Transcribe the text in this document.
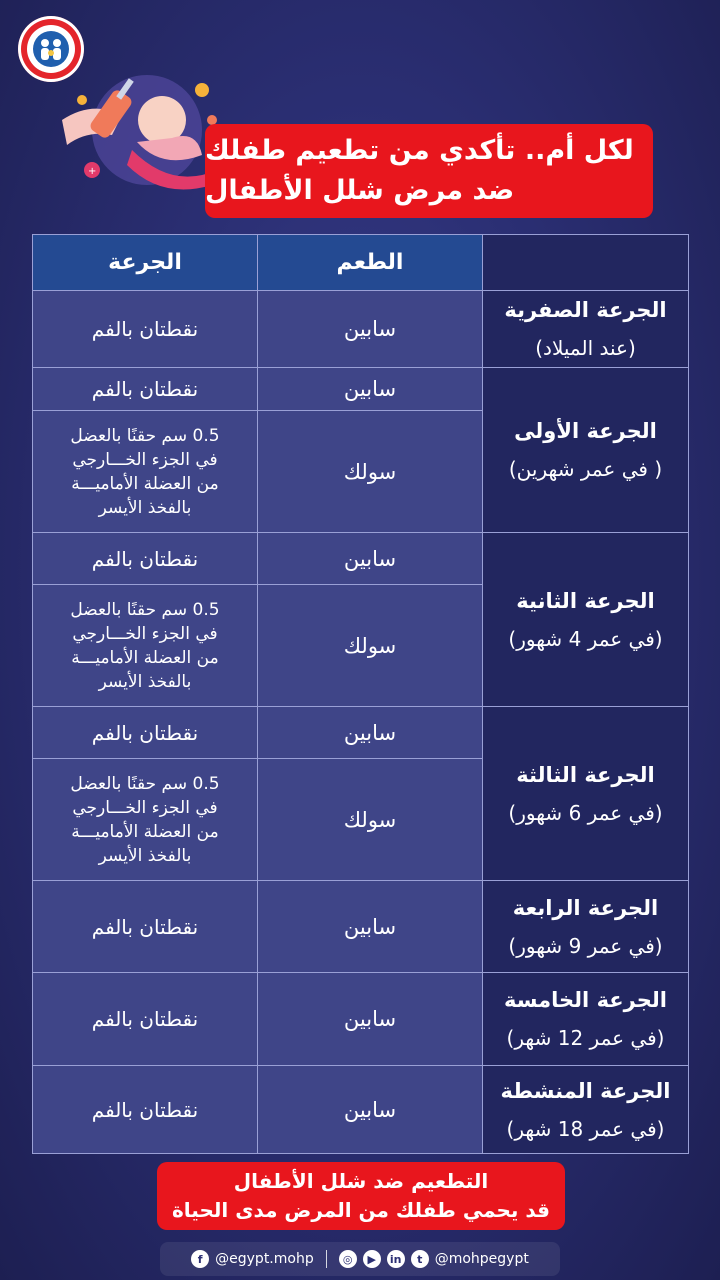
+
لكل أم.. تأكدي من تطعيم طفلك
ضد مرض شلل الأطفال
	الطعم	الجرعة
الجرعة الصفرية
(عند الميلاد)	سابين	نقطتان بالفم
الجرعة الأولى
( في عمر شهرين)	سابين	نقطتان بالفم
	سولك	0.5 سم حقنًا بالعضل
في الجزء الخـــارجي
من العضلة الأماميـــة
بالفخذ الأيسر

الجرعة الثانية
(في عمر 4 شهور)	سابين	نقطتان بالفم
	سولك	0.5 سم حقنًا بالعضل
في الجزء الخـــارجي
من العضلة الأماميـــة
بالفخذ الأيسر

الجرعة الثالثة
(في عمر 6 شهور)	سابين	نقطتان بالفم
	سولك	0.5 سم حقنًا بالعضل
في الجزء الخـــارجي
من العضلة الأماميـــة
بالفخذ الأيسر

الجرعة الرابعة
(في عمر 9 شهور)	سابين	نقطتان بالفم
الجرعة الخامسة
(في عمر 12 شهر)	سابين	نقطتان بالفم
الجرعة المنشطة
(في عمر 18 شهر)	سابين	نقطتان بالفم
التطعيم ضد شلل الأطفال
قد يحمي طفلك من المرض مدى الحياة
f @egypt.mohp	◎	▶	in	t @mohpegypt
